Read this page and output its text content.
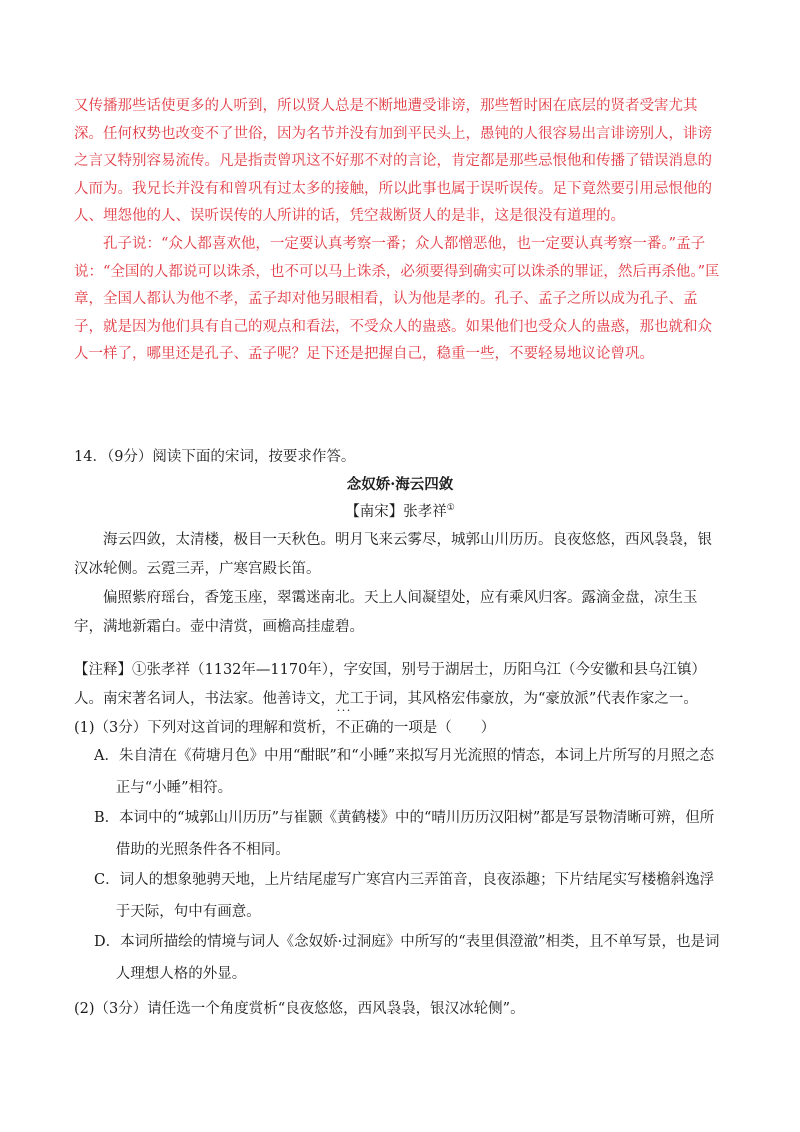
又传播那些话使更多的人听到，所以贤人总是不断地遭受诽谤，那些暂时困在底层的贤者受害尤其深。任何权势也改变不了世俗，因为名节并没有加到平民头上，愚钝的人很容易出言诽谤别人，诽谤之言又特别容易流传。凡是指责曾巩这不好那不对的言论，肯定都是那些忌恨他和传播了错误消息的人而为。我兄长并没有和曾巩有过太多的接触，所以此事也属于误听误传。足下竟然要引用忌恨他的人、埋怨他的人、误听误传的人所讲的话，凭空裁断贤人的是非，这是很没有道理的。

孔子说：“众人都喜欢他，一定要认真考察一番；众人都憎恶他，也一定要认真考察一番。”孟子说：“全国的人都说可以诛杀，也不可以马上诛杀，必须要得到确实可以诛杀的罪证，然后再杀他。”匡章，全国人都认为他不孝，孟子却对他另眼相看，认为他是孝的。孔子、孟子之所以成为孔子、孟子，就是因为他们具有自己的观点和看法，不受众人的蛊惑。如果他们也受众人的蛊惑，那也就和众人一样了，哪里还是孔子、孟子呢？足下还是把握自己，稳重一些，不要轻易地议论曾巩。

14．（9分）阅读下面的宋词，按要求作答。
念奴娇·海云四敛
【南宋】张孝祥①

海云四敛，太清楼，极目一天秋色。明月飞来云雾尽，城郭山川历历。良夜悠悠，西风袅袅，银汉冰轮侧。云霓三弄，广寒宫殿长笛。

偏照紫府瑶台，香笼玉座，翠霭迷南北。天上人间凝望处，应有乘风归客。露滴金盘，凉生玉宇，满地新霜白。壶中清赏，画檐高挂虚碧。

【注释】①张孝祥（1132年—1170年），字安国，别号于湖居士，历阳乌江（今安徽和县乌江镇）人。南宋著名词人，书法家。他善诗文，尤工于词，其风格宏伟豪放，为“豪放派”代表作家之一。

(1)（3分）下列对这首词的理解和赏析，· · · 不正确的一项是（　　）

A．朱自清在《荷塘月色》中用“酣眠”和“小睡”来拟写月光流照的情态，本词上片所写的月照之态正与“小睡”相符。

B．本词中的“城郭山川历历”与崔颢《黄鹤楼》中的“晴川历历汉阳树”都是写景物清晰可辨，但所借助的光照条件各不相同。

C．词人的想象驰骋天地，上片结尾虚写广寒宫内三弄笛音，良夜添趣；下片结尾实写楼檐斜逸浮于天际，句中有画意。

D．本词所描绘的情境与词人《念奴娇·过洞庭》中所写的“表里俱澄澈”相类，且不单写景，也是词人理想人格的外显。

(2)（3分）请任选一个角度赏析“良夜悠悠，西风袅袅，银汉冰轮侧”。
